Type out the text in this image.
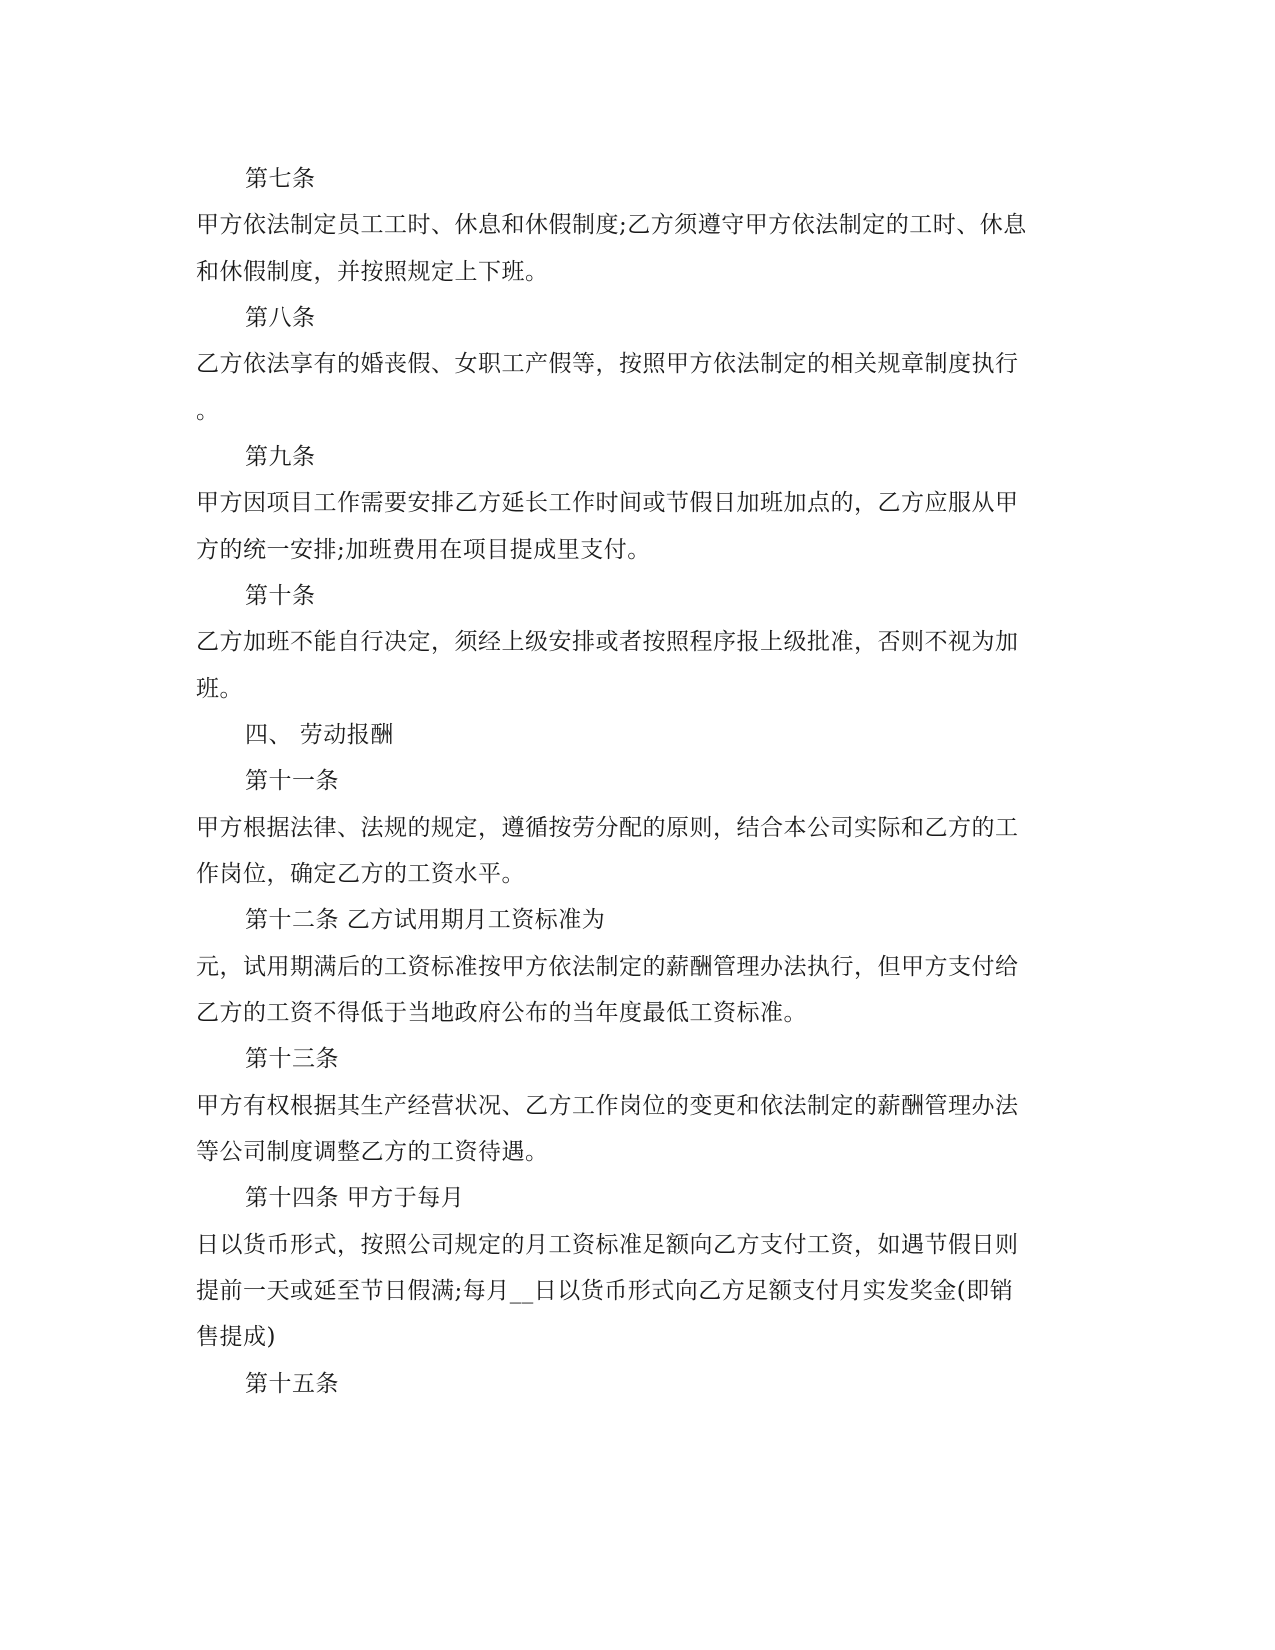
第七条
甲方依法制定员工工时、休息和休假制度;乙方须遵守甲方依法制定的工时、休息
和休假制度，并按照规定上下班。
第八条
乙方依法享有的婚丧假、女职工产假等，按照甲方依法制定的相关规章制度执行
。
第九条
甲方因项目工作需要安排乙方延长工作时间或节假日加班加点的，乙方应服从甲
方的统一安排;加班费用在项目提成里支付。
第十条
乙方加班不能自行决定，须经上级安排或者按照程序报上级批准，否则不视为加
班。
四、 劳动报酬
第十一条
甲方根据法律、法规的规定，遵循按劳分配的原则，结合本公司实际和乙方的工
作岗位，确定乙方的工资水平。
第十二条 乙方试用期月工资标准为
元，试用期满后的工资标准按甲方依法制定的薪酬管理办法执行，但甲方支付给
乙方的工资不得低于当地政府公布的当年度最低工资标准。
第十三条
甲方有权根据其生产经营状况、乙方工作岗位的变更和依法制定的薪酬管理办法
等公司制度调整乙方的工资待遇。
第十四条 甲方于每月
日以货币形式，按照公司规定的月工资标准足额向乙方支付工资，如遇节假日则
提前一天或延至节日假满;每月__日以货币形式向乙方足额支付月实发奖金(即销
售提成)
第十五条
